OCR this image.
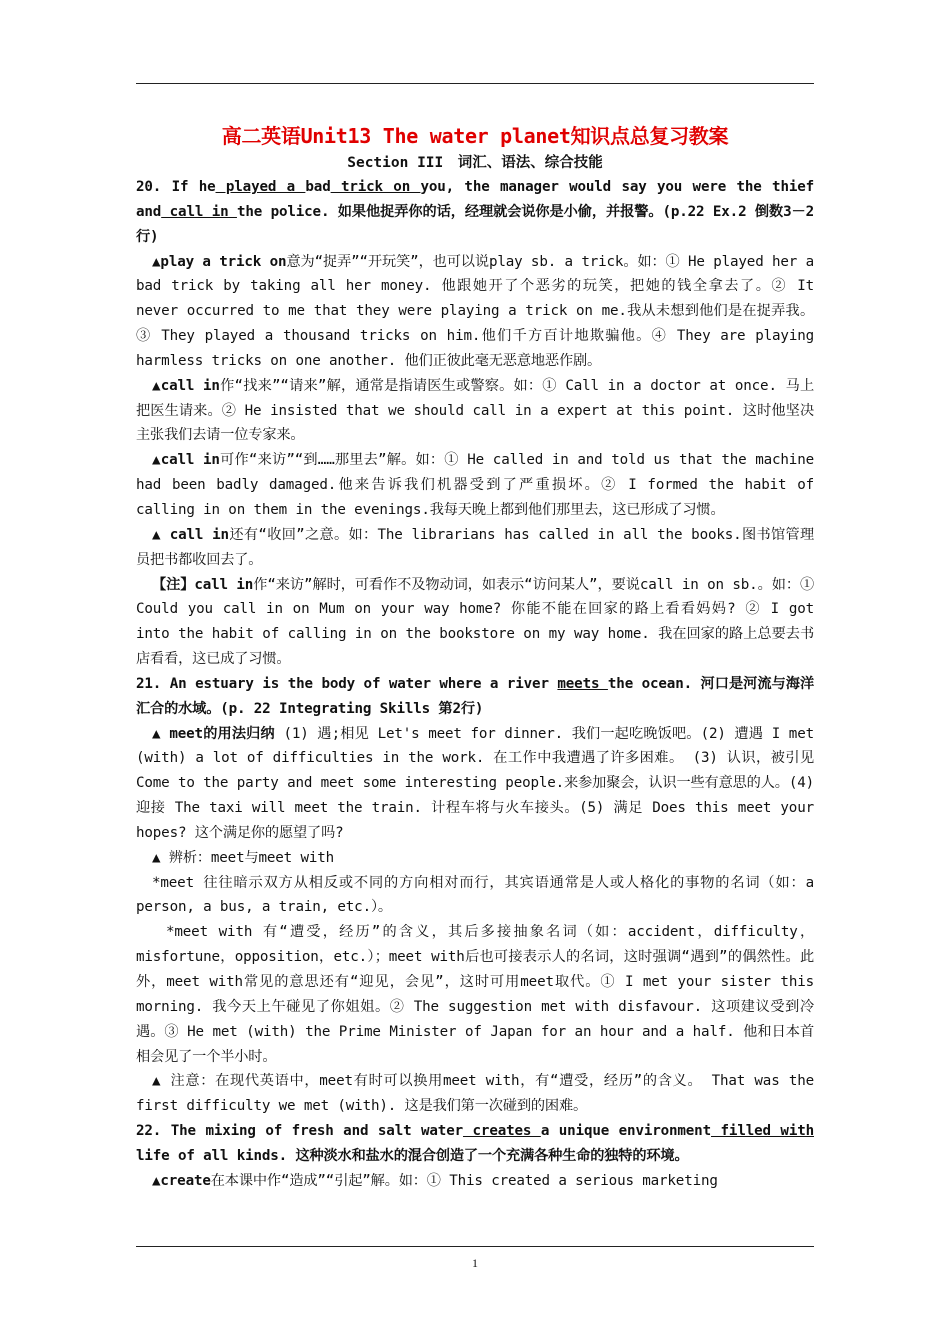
高二英语Unit13 The water planet知识点总复习教案
Section III　词汇、语法、综合技能

20. If he played a bad trick on you, the manager would say you were the thief and call in the police. 如果他捉弄你的话，经理就会说你是小偷，并报警。(p.22 Ex.2 倒数3－2行)

▲play a trick on意为“捉弄”“开玩笑”，也可以说play sb. a trick。如：① He played her a bad trick by taking all her money. 他跟她开了个恶劣的玩笑，把她的钱全拿去了。② It never occurred to me that they were playing a trick on me.我从未想到他们是在捉弄我。③ They played a thousand tricks on him.他们千方百计地欺骗他。④ They are playing harmless tricks on one another. 他们正彼此毫无恶意地恶作剧。

▲call in作“找来”“请来”解，通常是指请医生或警察。如：① Call in a doctor at once. 马上把医生请来。② He insisted that we should call in a expert at this point. 这时他坚决主张我们去请一位专家来。

▲call in可作“来访”“到……那里去”解。如：① He called in and told us that the machine had been badly damaged.他来告诉我们机器受到了严重损坏。② I formed the habit of calling in on them in the evenings.我每天晚上都到他们那里去，这已形成了习惯。

▲ call in还有“收回”之意。如：The librarians has called in all the books.图书馆管理员把书都收回去了。

【注】call in作“来访”解时，可看作不及物动词，如表示“访问某人”，要说call in on sb.。如：① Could you call in on Mum on your way home? 你能不能在回家的路上看看妈妈? ② I got into the habit of calling in on the bookstore on my way home. 我在回家的路上总要去书店看看，这已成了习惯。

21. An estuary is the body of water where a river meets the ocean. 河口是河流与海洋汇合的水域。(p. 22 Integrating Skills 第2行)

▲ meet的用法归纳 (1) 遇;相见 Let's meet for dinner. 我们一起吃晚饭吧。(2) 遭遇 I met (with) a lot of difficulties in the work. 在工作中我遭遇了许多困难。 (3) 认识，被引见 Come to the party and meet some interesting people.来参加聚会，认识一些有意思的人。(4) 迎接 The taxi will meet the train. 计程车将与火车接头。(5) 满足 Does this meet your hopes? 这个满足你的愿望了吗?

▲ 辨析：meet与meet with

*meet 往往暗示双方从相反或不同的方向相对而行，其宾语通常是人或人格化的事物的名词（如：a person, a bus, a train, etc.）。

*meet with 有“遭受，经历”的含义，其后多接抽象名词（如：accident，difficulty，misfortune，opposition，etc.）；meet with后也可接表示人的名词，这时强调“遇到”的偶然性。此外，meet with常见的意思还有“迎见，会见”，这时可用meet取代。① I met your sister this morning. 我今天上午碰见了你姐姐。② The suggestion met with disfavour. 这项建议受到冷遇。③ He met (with) the Prime Minister of Japan for an hour and a half. 他和日本首相会见了一个半小时。

▲ 注意：在现代英语中，meet有时可以换用meet with，有“遭受，经历”的含义。 That was the first difficulty we met (with). 这是我们第一次碰到的困难。

22. The mixing of fresh and salt water creates a unique environment filled with life of all kinds. 这种淡水和盐水的混合创造了一个充满各种生命的独特的环境。

▲create在本课中作“造成”“引起”解。如：① This created a serious marketing

1
